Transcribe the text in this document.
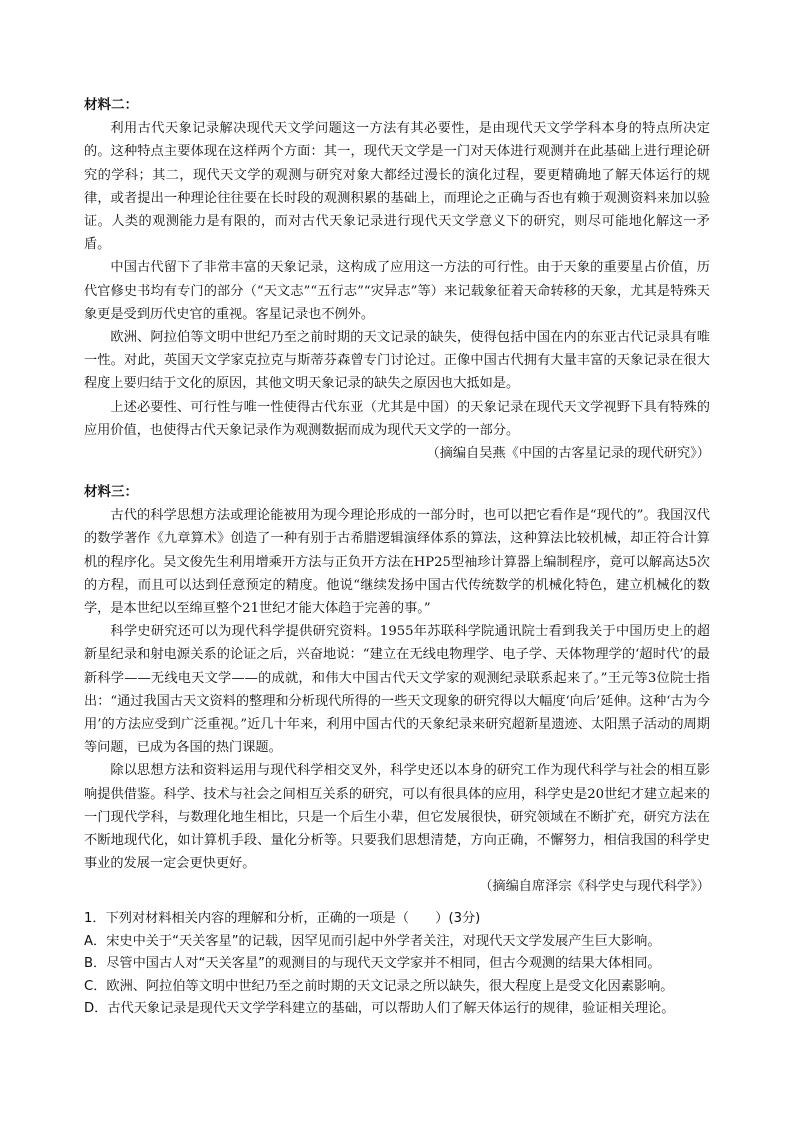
材料二：

利用古代天象记录解决现代天文学问题这一方法有其必要性，是由现代天文学学科本身的特点所决定的。这种特点主要体现在这样两个方面：其一，现代天文学是一门对天体进行观测并在此基础上进行理论研究的学科；其二，现代天文学的观测与研究对象大都经过漫长的演化过程，要更精确地了解天体运行的规律，或者提出一种理论往往要在长时段的观测积累的基础上，而理论之正确与否也有赖于观测资料来加以验证。人类的观测能力是有限的，而对古代天象记录进行现代天文学意义下的研究，则尽可能地化解这一矛盾。

中国古代留下了非常丰富的天象记录，这构成了应用这一方法的可行性。由于天象的重要星占价值，历代官修史书均有专门的部分（“天文志”“五行志”“灾异志”等）来记载象征着天命转移的天象，尤其是特殊天象更是受到历代史官的重视。客星记录也不例外。

欧洲、阿拉伯等文明中世纪乃至之前时期的天文记录的缺失，使得包括中国在内的东亚古代记录具有唯一性。对此，英国天文学家克拉克与斯蒂芬森曾专门讨论过。正像中国古代拥有大量丰富的天象记录在很大程度上要归结于文化的原因，其他文明天象记录的缺失之原因也大抵如是。

上述必要性、可行性与唯一性使得古代东亚（尤其是中国）的天象记录在现代天文学视野下具有特殊的应用价值，也使得古代天象记录作为观测数据而成为现代天文学的一部分。

（摘编自吴燕《中国的古客星记录的现代研究》）

材料三：

古代的科学思想方法或理论能被用为现今理论形成的一部分时，也可以把它看作是“现代的”。我国汉代的数学著作《九章算术》创造了一种有别于古希腊逻辑演绎体系的算法，这种算法比较机械，却正符合计算机的程序化。吴文俊先生利用增乘开方法与正负开方法在HP25型袖珍计算器上编制程序，竟可以解高达5次的方程，而且可以达到任意预定的精度。他说“继续发扬中国古代传统数学的机械化特色，建立机械化的数学，是本世纪以至绵亘整个21世纪才能大体趋于完善的事。”

科学史研究还可以为现代科学提供研究资料。1955年苏联科学院通讯院士看到我关于中国历史上的超新星纪录和射电源关系的论证之后，兴奋地说：“建立在无线电物理学、电子学、天体物理学的‘超时代’的最新科学——无线电天文学——的成就，和伟大中国古代天文学家的观测纪录联系起来了。”王元等3位院士指出：“通过我国古天文资料的整理和分析现代所得的一些天文现象的研究得以大幅度‘向后’延伸。这种‘古为今用’的方法应受到广泛重视。”近几十年来，利用中国古代的天象纪录来研究超新星遗迹、太阳黑子活动的周期等问题，已成为各国的热门课题。

除以思想方法和资料运用与现代科学相交叉外，科学史还以本身的研究工作为现代科学与社会的相互影响提供借鉴。科学、技术与社会之间相互关系的研究，可以有很具体的应用，科学史是20世纪才建立起来的一门现代学科，与数理化地生相比，只是一个后生小辈，但它发展很快，研究领域在不断扩充，研究方法在不断地现代化，如计算机手段、量化分析等。只要我们思想清楚，方向正确，不懈努力，相信我国的科学史事业的发展一定会更快更好。

（摘编自席泽宗《科学史与现代科学》）

1．下列对材料相关内容的理解和分析，正确的一项是（　　）(3分)

A．宋史中关于“天关客星”的记载，因罕见而引起中外学者关注，对现代天文学发展产生巨大影响。

B．尽管中国古人对“天关客星”的观测目的与现代天文学家并不相同，但古今观测的结果大体相同。

C．欧洲、阿拉伯等文明中世纪乃至之前时期的天文记录之所以缺失，很大程度上是受文化因素影响。

D．古代天象记录是现代天文学学科建立的基础，可以帮助人们了解天体运行的规律，验证相关理论。
